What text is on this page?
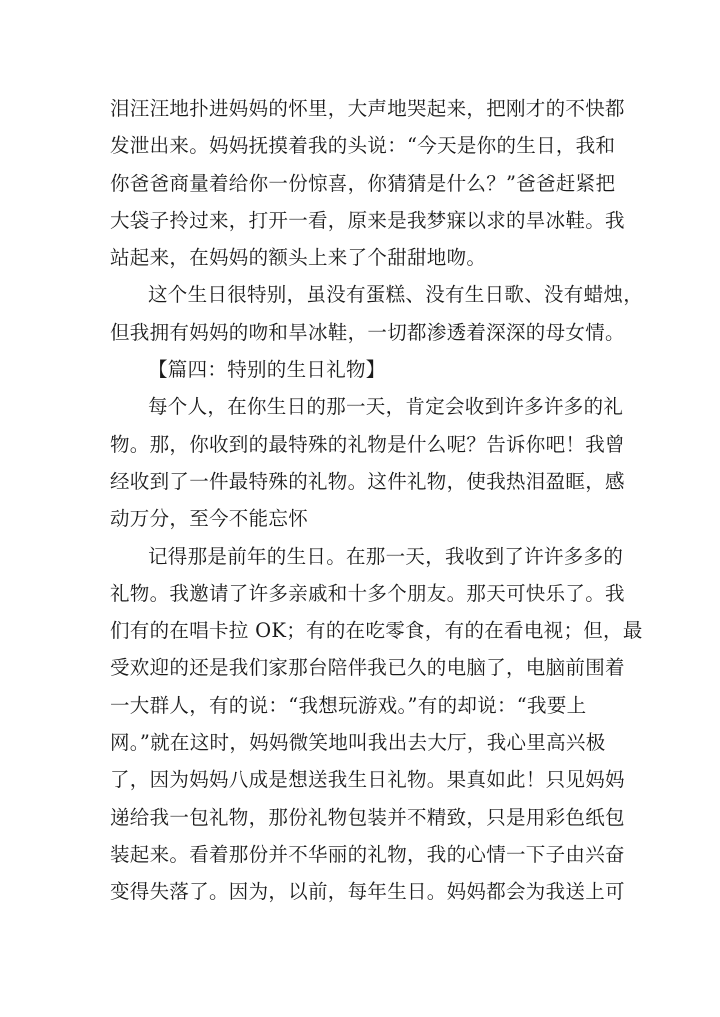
泪汪汪地扑进妈妈的怀里，大声地哭起来，把刚才的不快都
发泄出来。妈妈抚摸着我的头说：“今天是你的生日，我和
你爸爸商量着给你一份惊喜，你猜猜是什么？”爸爸赶紧把
大袋子拎过来，打开一看，原来是我梦寐以求的旱冰鞋。我
站起来，在妈妈的额头上来了个甜甜地吻。
这个生日很特别，虽没有蛋糕、没有生日歌、没有蜡烛，
但我拥有妈妈的吻和旱冰鞋，一切都渗透着深深的母女情。
【篇四：特别的生日礼物】
每个人，在你生日的那一天，肯定会收到许多许多的礼
物。那，你收到的最特殊的礼物是什么呢？告诉你吧！我曾
经收到了一件最特殊的礼物。这件礼物，使我热泪盈眶，感
动万分，至今不能忘怀
记得那是前年的生日。在那一天，我收到了许许多多的
礼物。我邀请了许多亲戚和十多个朋友。那天可快乐了。我
们有的在唱卡拉 OK；有的在吃零食，有的在看电视；但，最
受欢迎的还是我们家那台陪伴我已久的电脑了，电脑前围着
一大群人，有的说：“我想玩游戏。”有的却说：“我要上
网。”就在这时，妈妈微笑地叫我出去大厅，我心里高兴极
了，因为妈妈八成是想送我生日礼物。果真如此！只见妈妈
递给我一包礼物，那份礼物包装并不精致，只是用彩色纸包
装起来。看着那份并不华丽的礼物，我的心情一下子由兴奋
变得失落了。因为，以前，每年生日。妈妈都会为我送上可
